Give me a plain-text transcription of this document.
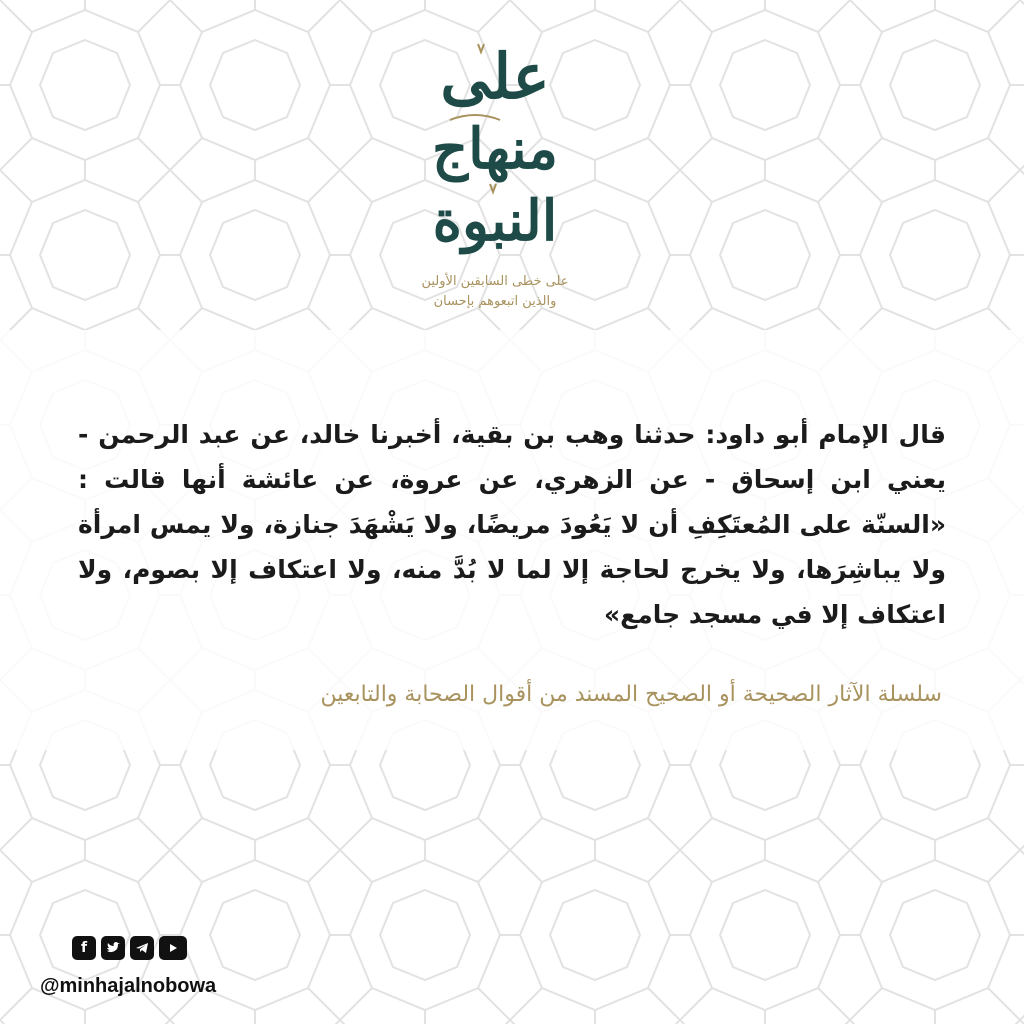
على
منهاج
النبوة
على خطى السابقين الأولين
والذين اتبعوهم بإحسان
قال الإمام أبو داود: حدثنا وهب بن بقية، أخبرنا خالد، عن عبد الرحمن - يعني ابن إسحاق - عن الزهري، عن عروة، عن عائشة أنها قالت : «السنّة على المُعتَكِفِ أن لا يَعُودَ مريضًا، ولا يَشْهَدَ جنازة، ولا يمس امرأة ولا يباشِرَها، ولا يخرج لحاجة إلا لما لا بُدَّ منه، ولا اعتكاف إلا بصوم، ولا اعتكاف إلا في مسجد جامع»
سلسلة الآثار الصحيحة أو الصحيح المسند من أقوال الصحابة والتابعين
f
@minhajalnobowa
